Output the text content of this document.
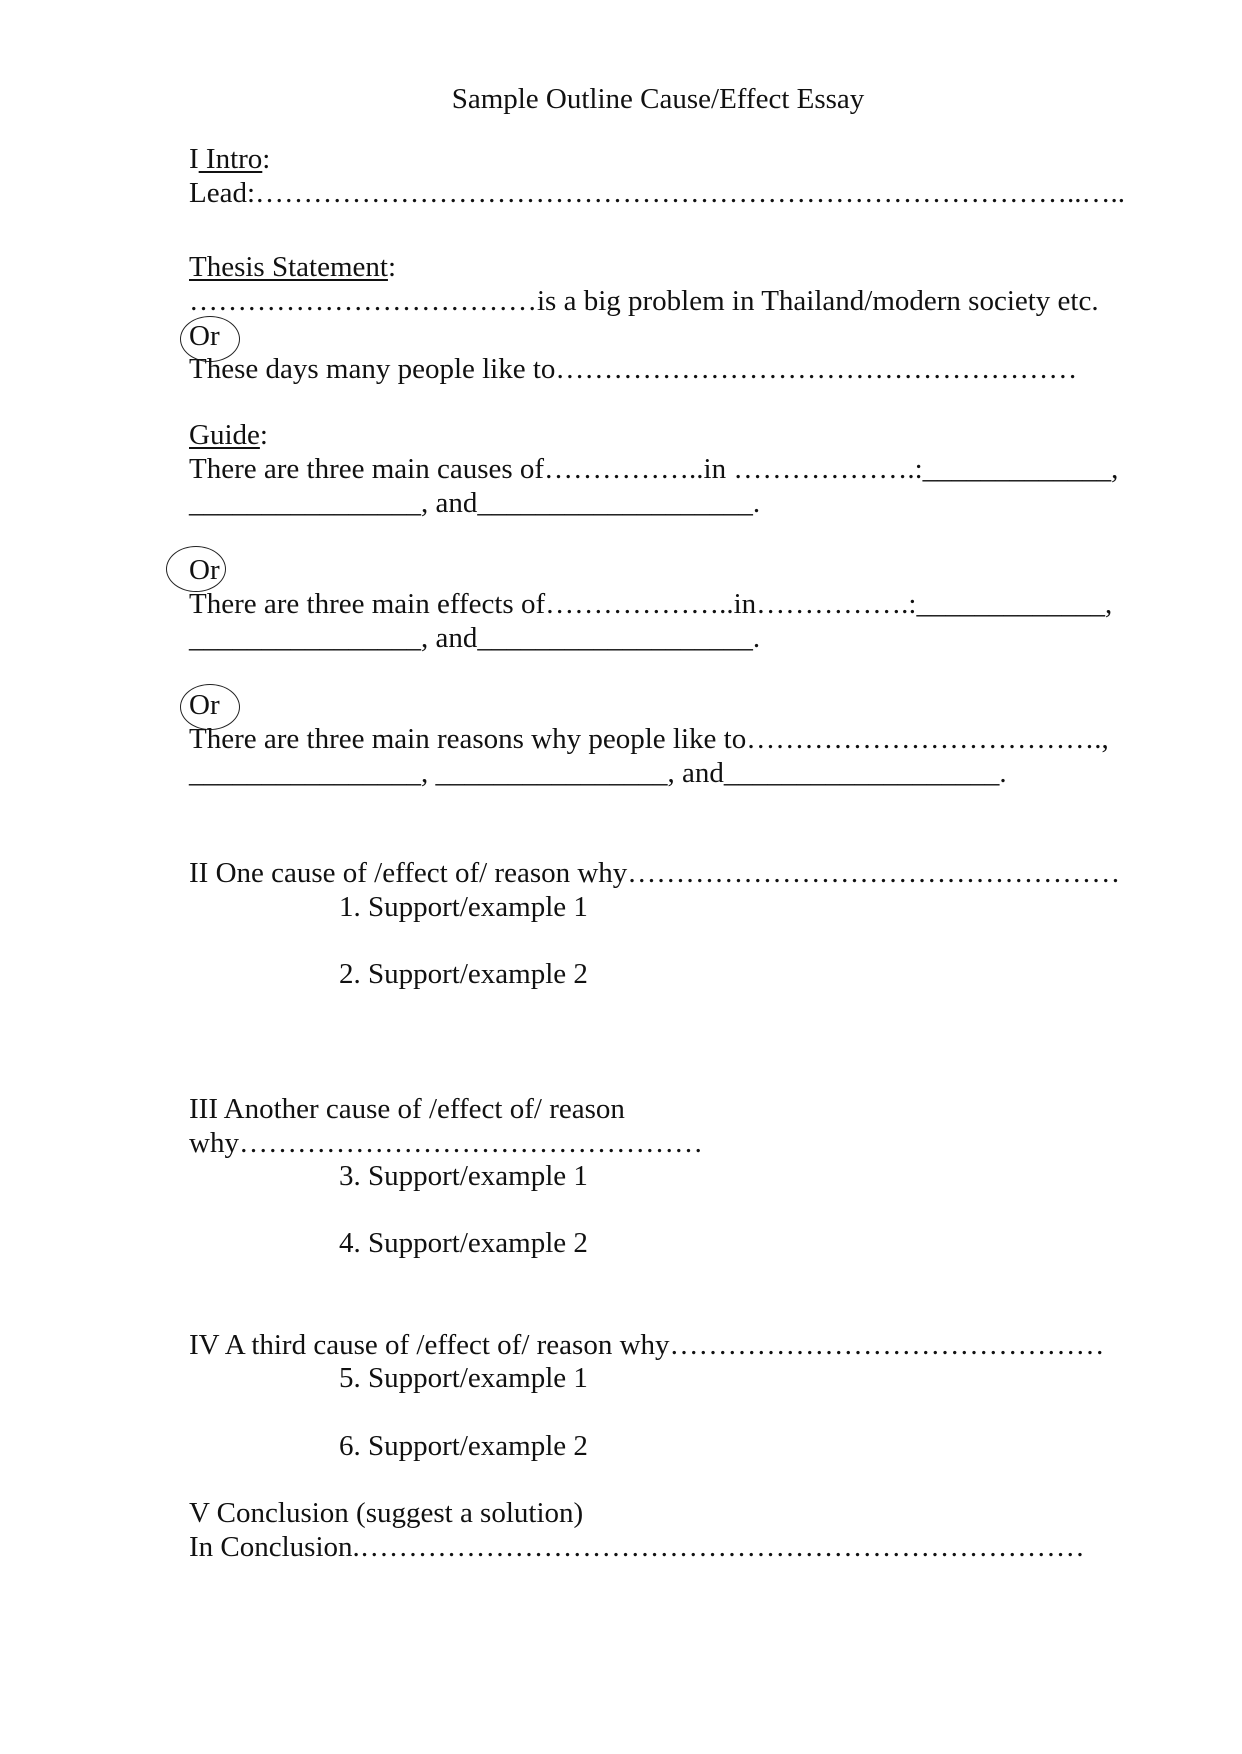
Sample Outline Cause/Effect Essay
I Intro:
Lead:…………………………………………………………………………..…..
Thesis Statement:
………………………………is a big problem in Thailand/modern society etc.
Or
These days many people like to………………………………………………
Guide:
There are three main causes of……………..in ……………….:_____________,
________________, and___________________.
Or
There are three main effects of………………..in…………….:_____________,
________________, and___________________.
Or
There are three main reasons why people like to……………………………….,
________________, ________________, and___________________.
II One cause of /effect of/ reason why……………………………………………
1. Support/example 1
2. Support/example 2
III Another cause of /effect of/ reason
why…………………………………………
3. Support/example 1
4. Support/example 2
IV A third cause of /effect of/ reason why………………………………………
5. Support/example 1
6. Support/example 2
V Conclusion (suggest a solution)
In Conclusion.…………………………………………………………………
